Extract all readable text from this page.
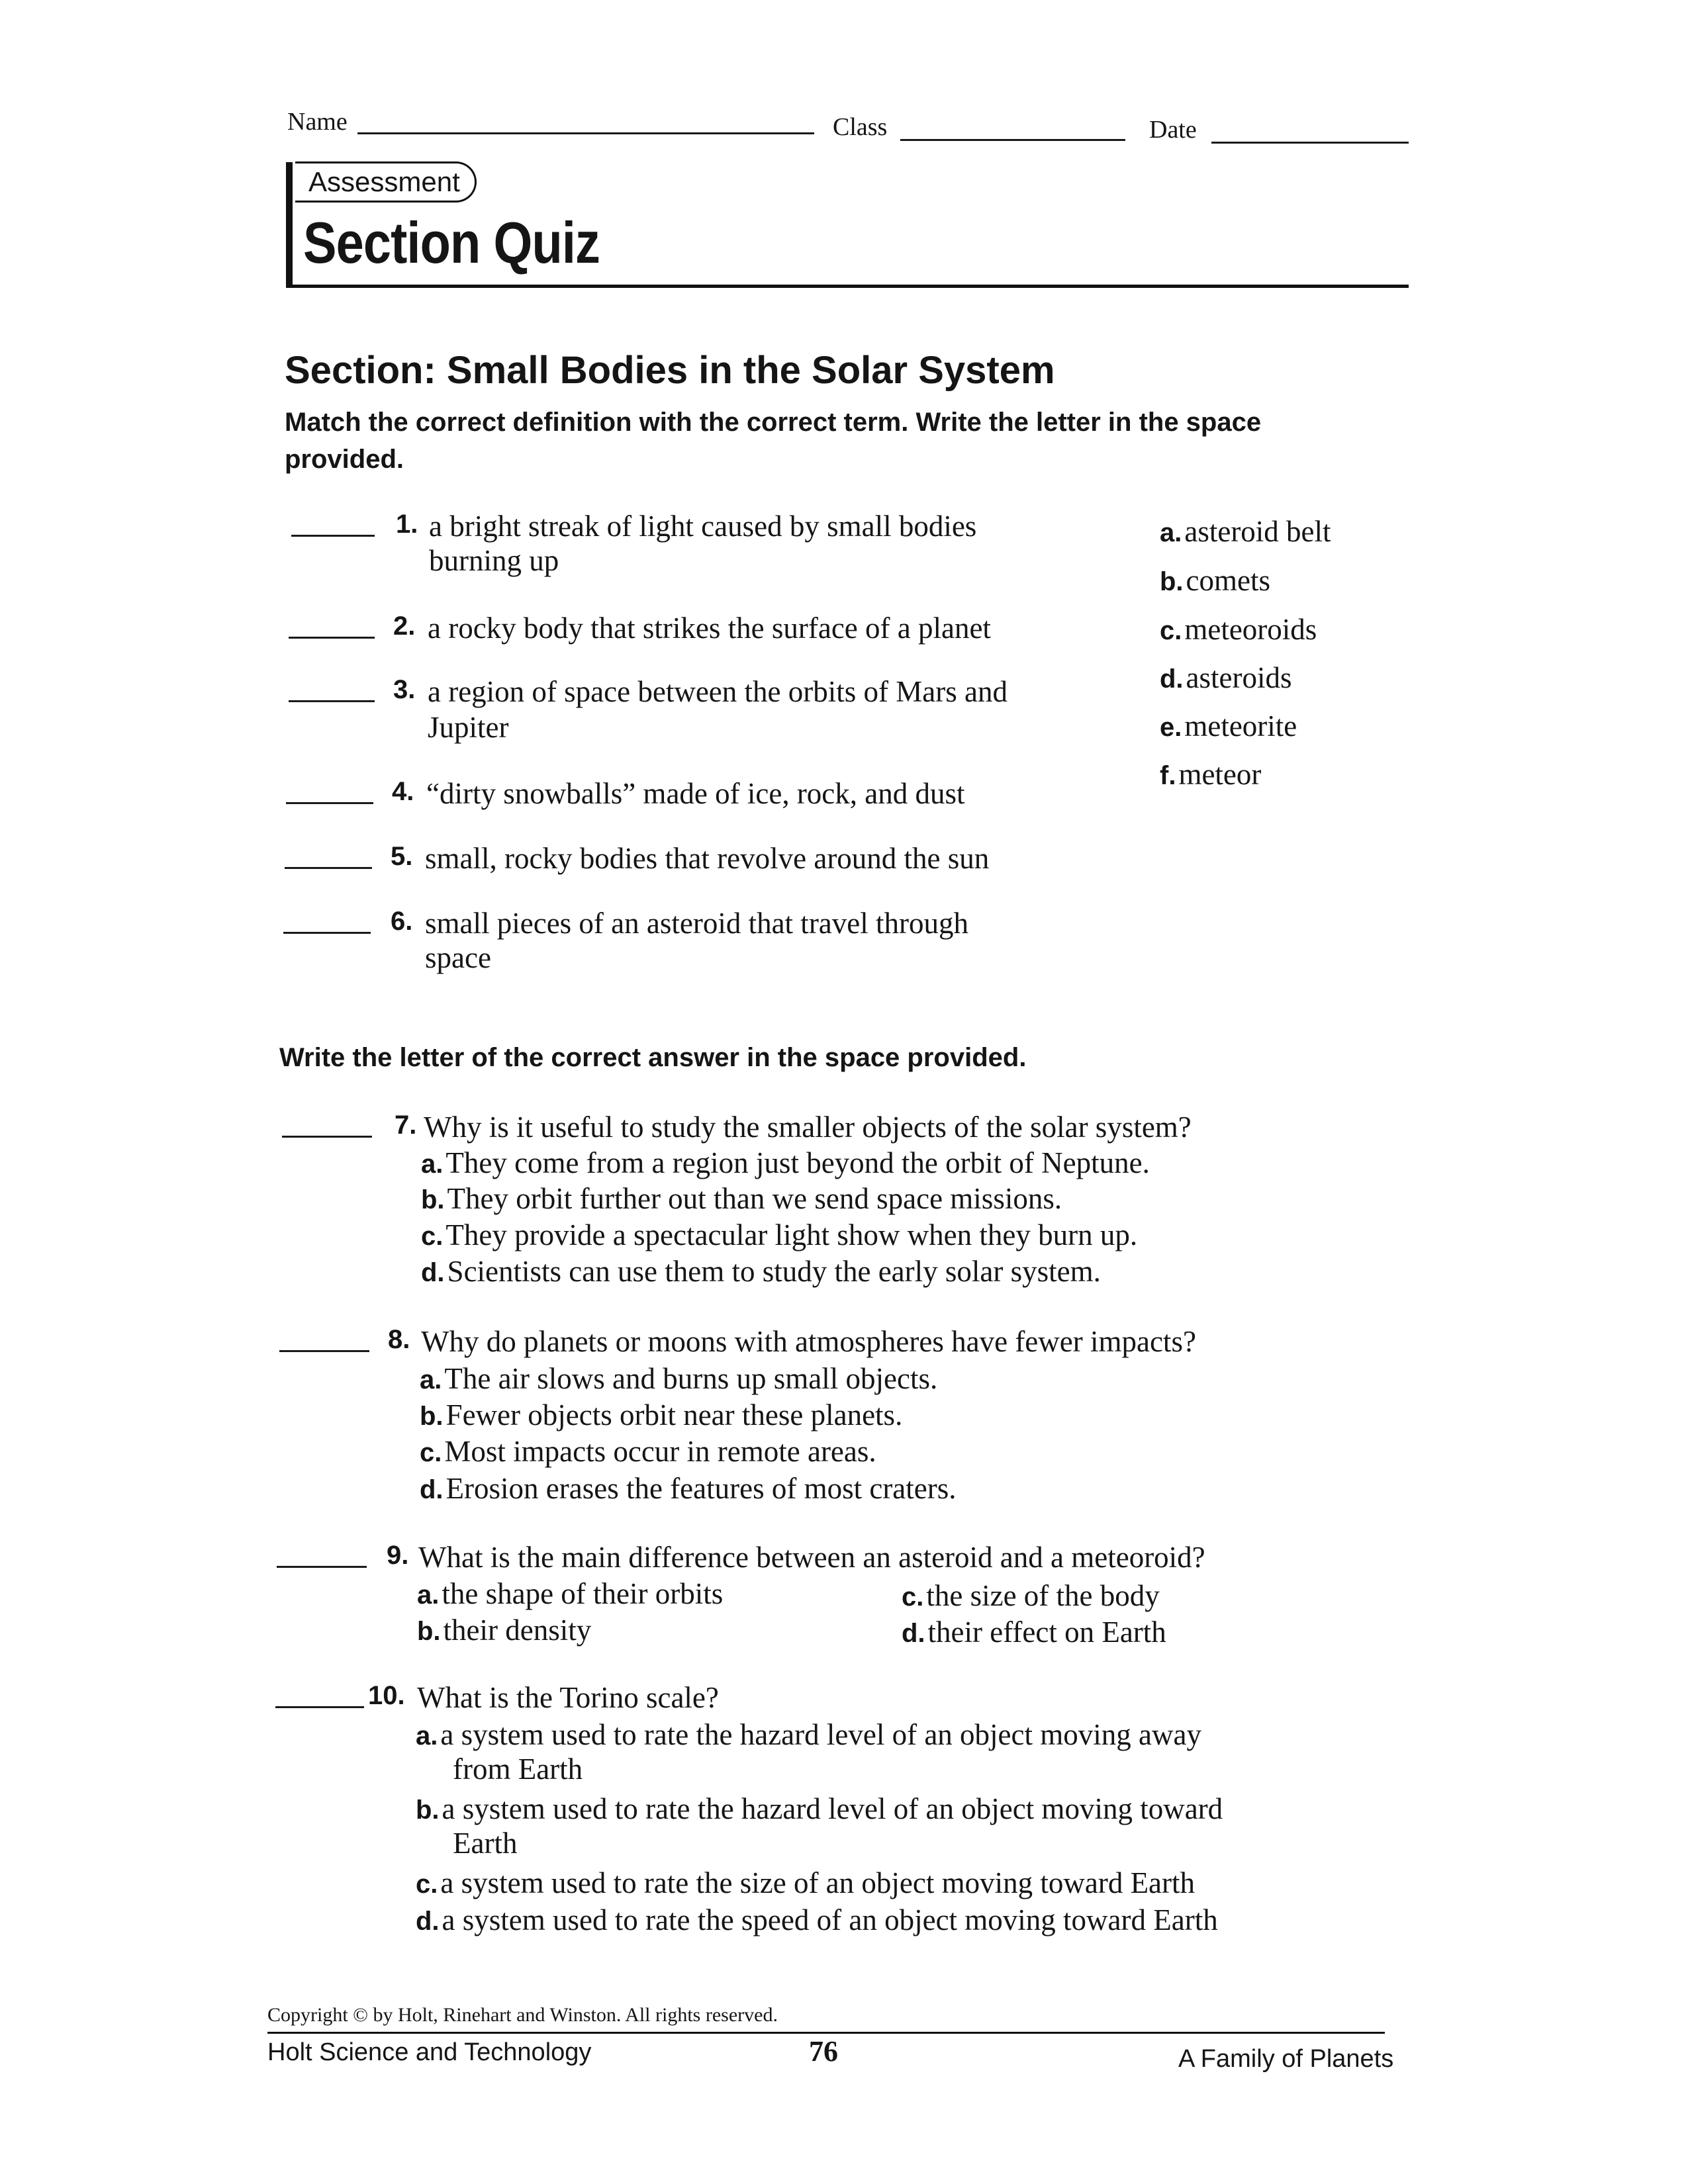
Name	Class	Date
Assessment
Section Quiz
Section: Small Bodies in the Solar System
Match the correct definition with the correct term. Write the letter in the space provided.
1. a bright streak of light caused by small bodies
burning up
2. a rocky body that strikes the surface of a planet
3. a region of space between the orbits of Mars and
Jupiter
4. “dirty snowballs” made of ice, rock, and dust
5. small, rocky bodies that revolve around the sun
6. small pieces of an asteroid that travel through
space
a. asteroid belt
b. comets
c. meteoroids
d. asteroids
e. meteorite
f. meteor
Write the letter of the correct answer in the space provided.
7. Why is it useful to study the smaller objects of the solar system?
a. They come from a region just beyond the orbit of Neptune.
b. They orbit further out than we send space missions.
c. They provide a spectacular light show when they burn up.
d. Scientists can use them to study the early solar system.
8. Why do planets or moons with atmospheres have fewer impacts?
a. The air slows and burns up small objects.
b. Fewer objects orbit near these planets.
c. Most impacts occur in remote areas.
d. Erosion erases the features of most craters.
9. What is the main difference between an asteroid and a meteoroid?
a. the shape of their orbits
b. their density
c. the size of the body
d. their effect on Earth
10. What is the Torino scale?
a. a system used to rate the hazard level of an object moving away
from Earth
b. a system used to rate the hazard level of an object moving toward
Earth
c. a system used to rate the size of an object moving toward Earth
d. a system used to rate the speed of an object moving toward Earth
Copyright © by Holt, Rinehart and Winston. All rights reserved.
Holt Science and Technology	76	A Family of Planets
